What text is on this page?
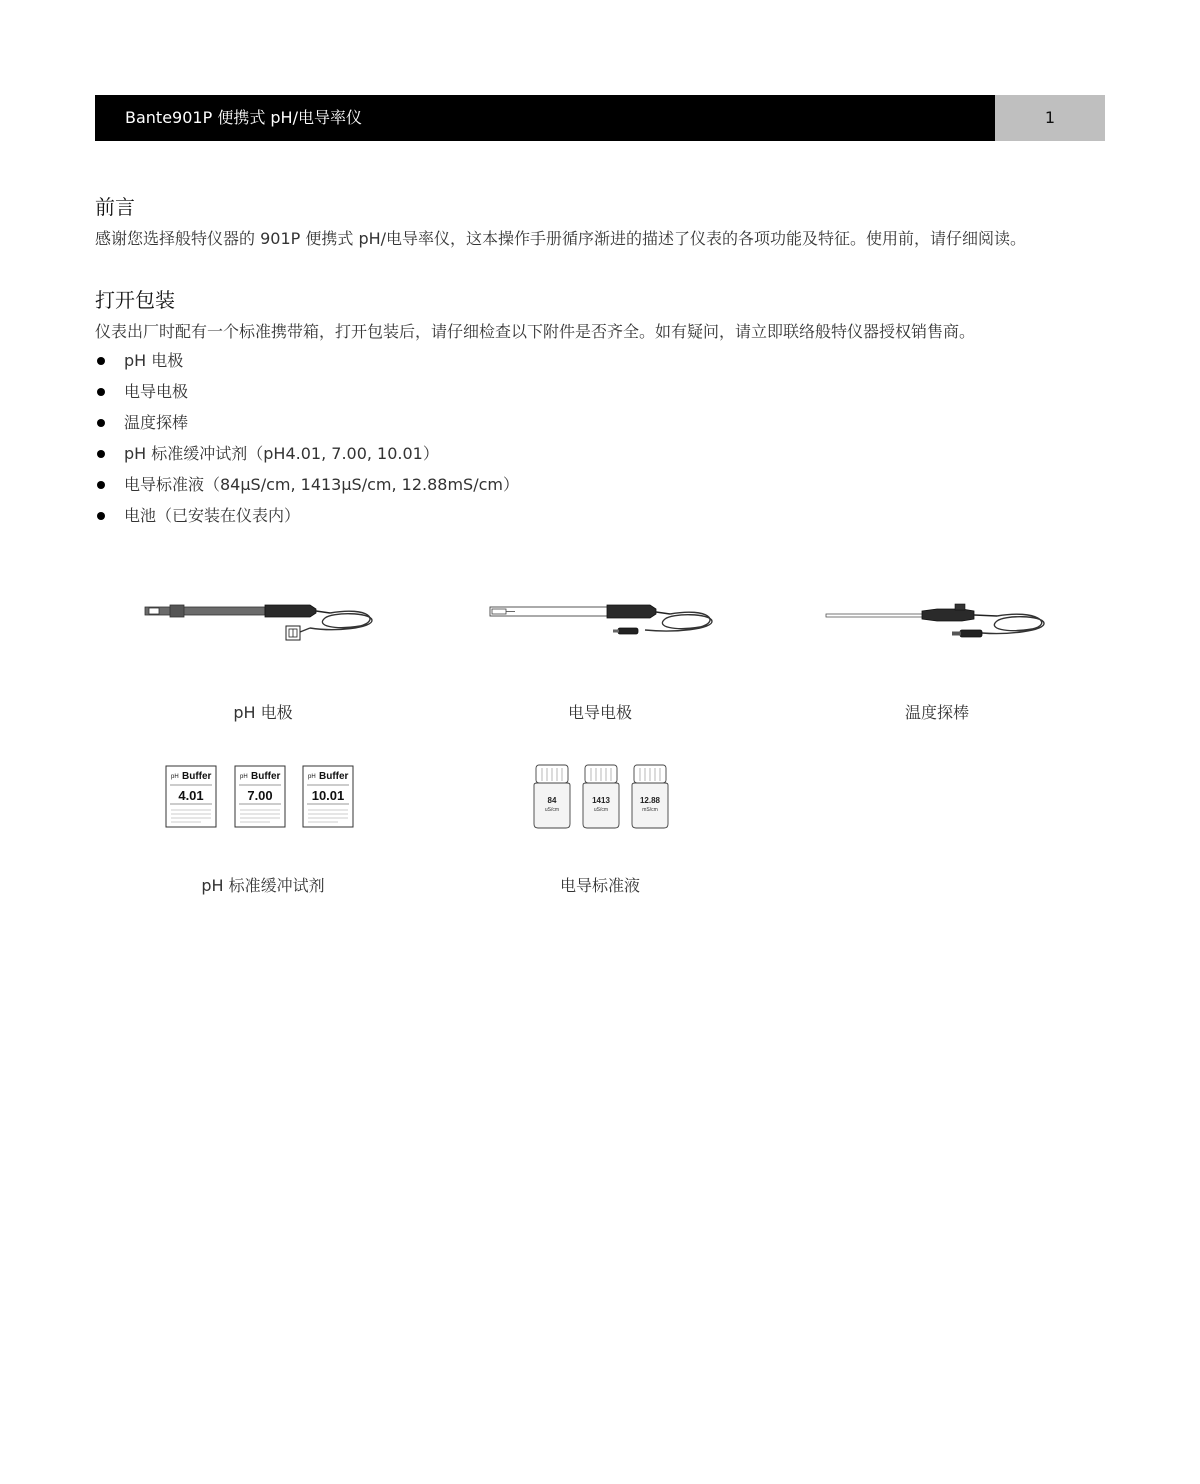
Bante901P 便携式 pH/电导率仪	1
前言

感谢您选择般特仪器的 901P 便携式 pH/电导率仪，这本操作手册循序渐进的描述了仪表的各项功能及特征。使用前，请仔细阅读。

打开包装

仪表出厂时配有一个标准携带箱，打开包装后，请仔细检查以下附件是否齐全。如有疑问，请立即联络般特仪器授权销售商。

pH 电极
电导电极
温度探棒
pH 标准缓冲试剂（pH4.01, 7.00, 10.01）
电导标准液（84μS/cm, 1413μS/cm, 12.88mS/cm）
电池（已安装在仪表内）
pH 电极	电导电极	温度探棒
pH Buffer
4.01
pH Buffer
7.00
pH Buffer
10.01
pH 标准缓冲试剂
84
uS/cm
1413
uS/cm
12.88
mS/cm
电导标准液
